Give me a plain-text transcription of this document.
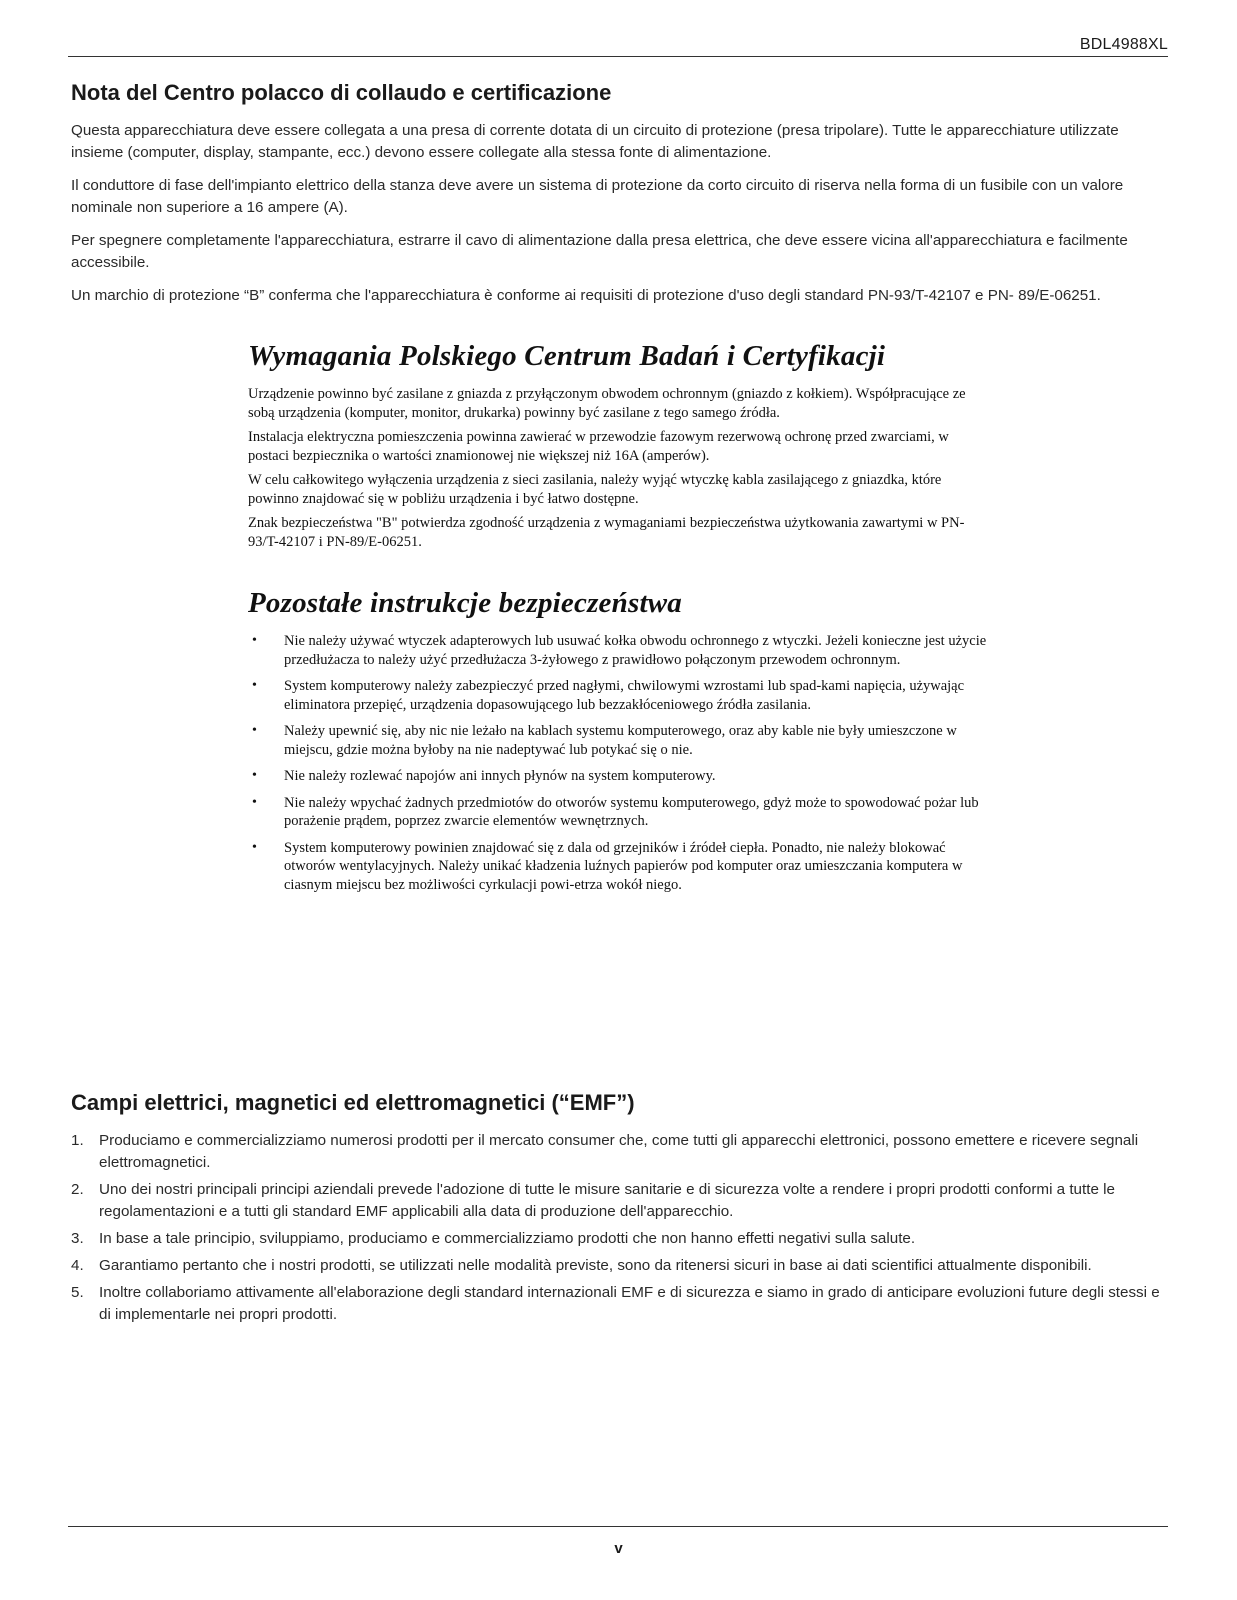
BDL4988XL
Nota del Centro polacco di collaudo e certificazione

Questa apparecchiatura deve essere collegata a una presa di corrente dotata di un circuito di protezione (presa tripolare). Tutte le apparecchiature utilizzate insieme (computer, display, stampante, ecc.) devono essere collegate alla stessa fonte di alimentazione.

Il conduttore di fase dell'impianto elettrico della stanza deve avere un sistema di protezione da corto circuito di riserva nella forma di un fusibile con un valore nominale non superiore a 16 ampere (A).

Per spegnere completamente l'apparecchiatura, estrarre il cavo di alimentazione dalla presa elettrica, che deve essere vicina all'apparecchiatura e facilmente accessibile.

Un marchio di protezione “B” conferma che l'apparecchiatura è conforme ai requisiti di protezione d'uso degli standard PN-93/T-42107 e PN- 89/E-06251.

Wymagania Polskiego Centrum Badań i Certyfikacji

Urządzenie powinno być zasilane z gniazda z przyłączonym obwodem ochronnym (gniazdo z kołkiem). Współpracujące ze sobą urządzenia (komputer, monitor, drukarka) powinny być zasilane z tego samego źródła.

Instalacja elektryczna pomieszczenia powinna zawierać w przewodzie fazowym rezerwową ochronę przed zwarciami, w postaci bezpiecznika o wartości znamionowej nie większej niż 16A (amperów).

W celu całkowitego wyłączenia urządzenia z sieci zasilania, należy wyjąć wtyczkę kabla zasilającego z gniazdka, które powinno znajdować się w pobliżu urządzenia i być łatwo dostępne.

Znak bezpieczeństwa "B" potwierdza zgodność urządzenia z wymaganiami bezpieczeństwa użytkowania zawartymi w PN-93/T-42107 i PN-89/E-06251.

Pozostałe instrukcje bezpieczeństwa
• Nie należy używać wtyczek adapterowych lub usuwać kołka obwodu ochronnego z wtyczki. Jeżeli konieczne jest użycie przedłużacza to należy użyć przedłużacza 3-żyłowego z prawidłowo połączonym przewodem ochronnym.
• System komputerowy należy zabezpieczyć przed nagłymi, chwilowymi wzrostami lub spad-kami napięcia, używając eliminatora przepięć, urządzenia dopasowującego lub bezzakłóceniowego źródła zasilania.
• Należy upewnić się, aby nic nie leżało na kablach systemu komputerowego, oraz aby kable nie były umieszczone w miejscu, gdzie można byłoby na nie nadeptywać lub potykać się o nie.
• Nie należy rozlewać napojów ani innych płynów na system komputerowy.
• Nie należy wpychać żadnych przedmiotów do otworów systemu komputerowego, gdyż może to spowodować pożar lub porażenie prądem, poprzez zwarcie elementów wewnętrznych.
• System komputerowy powinien znajdować się z dala od grzejników i źródeł ciepła. Ponadto, nie należy blokować otworów wentylacyjnych. Należy unikać kładzenia luźnych papierów pod komputer oraz umieszczania komputera w ciasnym miejscu bez możliwości cyrkulacji powi-etrza wokół niego.
Campi elettrici, magnetici ed elettromagnetici (“EMF”)
1. Produciamo e commercializziamo numerosi prodotti per il mercato consumer che, come tutti gli apparecchi elettronici, possono emettere e ricevere segnali elettromagnetici.
2. Uno dei nostri principali principi aziendali prevede l'adozione di tutte le misure sanitarie e di sicurezza volte a rendere i propri prodotti conformi a tutte le regolamentazioni e a tutti gli standard EMF applicabili alla data di produzione dell'apparecchio.
3. In base a tale principio, sviluppiamo, produciamo e commercializziamo prodotti che non hanno effetti negativi sulla salute.
4. Garantiamo pertanto che i nostri prodotti, se utilizzati nelle modalità previste, sono da ritenersi sicuri in base ai dati scientifici attualmente disponibili.
5. Inoltre collaboriamo attivamente all'elaborazione degli standard internazionali EMF e di sicurezza e siamo in grado di anticipare evoluzioni future degli stessi e di implementarle nei propri prodotti.
v
